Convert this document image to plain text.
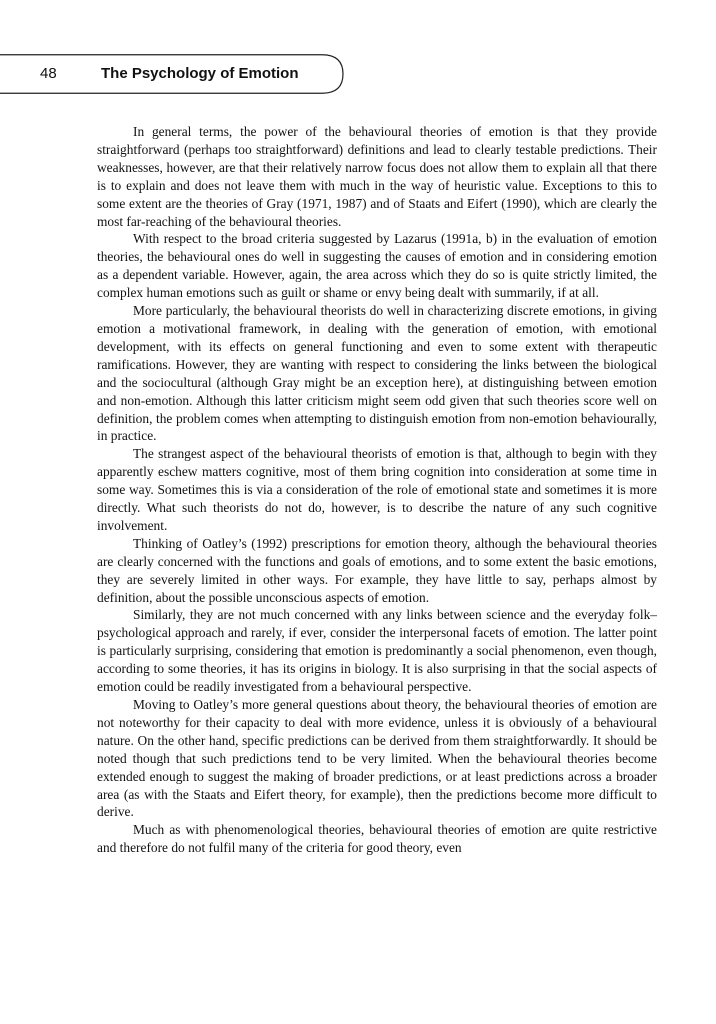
48	The Psychology of Emotion

In general terms, the power of the behavioural theories of emotion is that they provide straightforward (perhaps too straightforward) definitions and lead to clearly testable predictions. Their weaknesses, however, are that their relatively narrow focus does not allow them to explain all that there is to explain and does not leave them with much in the way of heuristic value. Exceptions to this to some extent are the theories of Gray (1971, 1987) and of Staats and Eifert (1990), which are clearly the most far-reaching of the behavioural theories.

With respect to the broad criteria suggested by Lazarus (1991a, b) in the evaluation of emotion theories, the behavioural ones do well in suggesting the causes of emotion and in considering emotion as a dependent variable. However, again, the area across which they do so is quite strictly limited, the complex human emotions such as guilt or shame or envy being dealt with summarily, if at all.

More particularly, the behavioural theorists do well in characterizing discrete emotions, in giving emotion a motivational framework, in dealing with the generation of emotion, with emotional development, with its effects on general functioning and even to some extent with therapeutic ramifications. However, they are wanting with respect to considering the links between the biological and the sociocultural (although Gray might be an exception here), at distinguishing between emotion and non-emotion. Although this latter criticism might seem odd given that such theories score well on definition, the problem comes when attempting to distinguish emotion from non-emotion behaviourally, in practice.

The strangest aspect of the behavioural theorists of emotion is that, although to begin with they apparently eschew matters cognitive, most of them bring cognition into consideration at some time in some way. Sometimes this is via a consideration of the role of emotional state and sometimes it is more directly. What such theorists do not do, however, is to describe the nature of any such cognitive involvement.

Thinking of Oatley’s (1992) prescriptions for emotion theory, although the behavioural theories are clearly concerned with the functions and goals of emotions, and to some extent the basic emotions, they are severely limited in other ways. For example, they have little to say, perhaps almost by definition, about the possible unconscious aspects of emotion.

Similarly, they are not much concerned with any links between science and the everyday folk–psychological approach and rarely, if ever, consider the interpersonal facets of emotion. The latter point is particularly surprising, considering that emotion is predominantly a social phenomenon, even though, according to some theories, it has its origins in biology. It is also surprising in that the social aspects of emotion could be readily investigated from a behavioural perspective.

Moving to Oatley’s more general questions about theory, the behavioural theories of emotion are not noteworthy for their capacity to deal with more evidence, unless it is obviously of a behavioural nature. On the other hand, specific predictions can be derived from them straightforwardly. It should be noted though that such predictions tend to be very limited. When the behavioural theories become extended enough to suggest the making of broader predictions, or at least predictions across a broader area (as with the Staats and Eifert theory, for example), then the predictions become more difficult to derive.

Much as with phenomenological theories, behavioural theories of emotion are quite restrictive and therefore do not fulfil many of the criteria for good theory, even
